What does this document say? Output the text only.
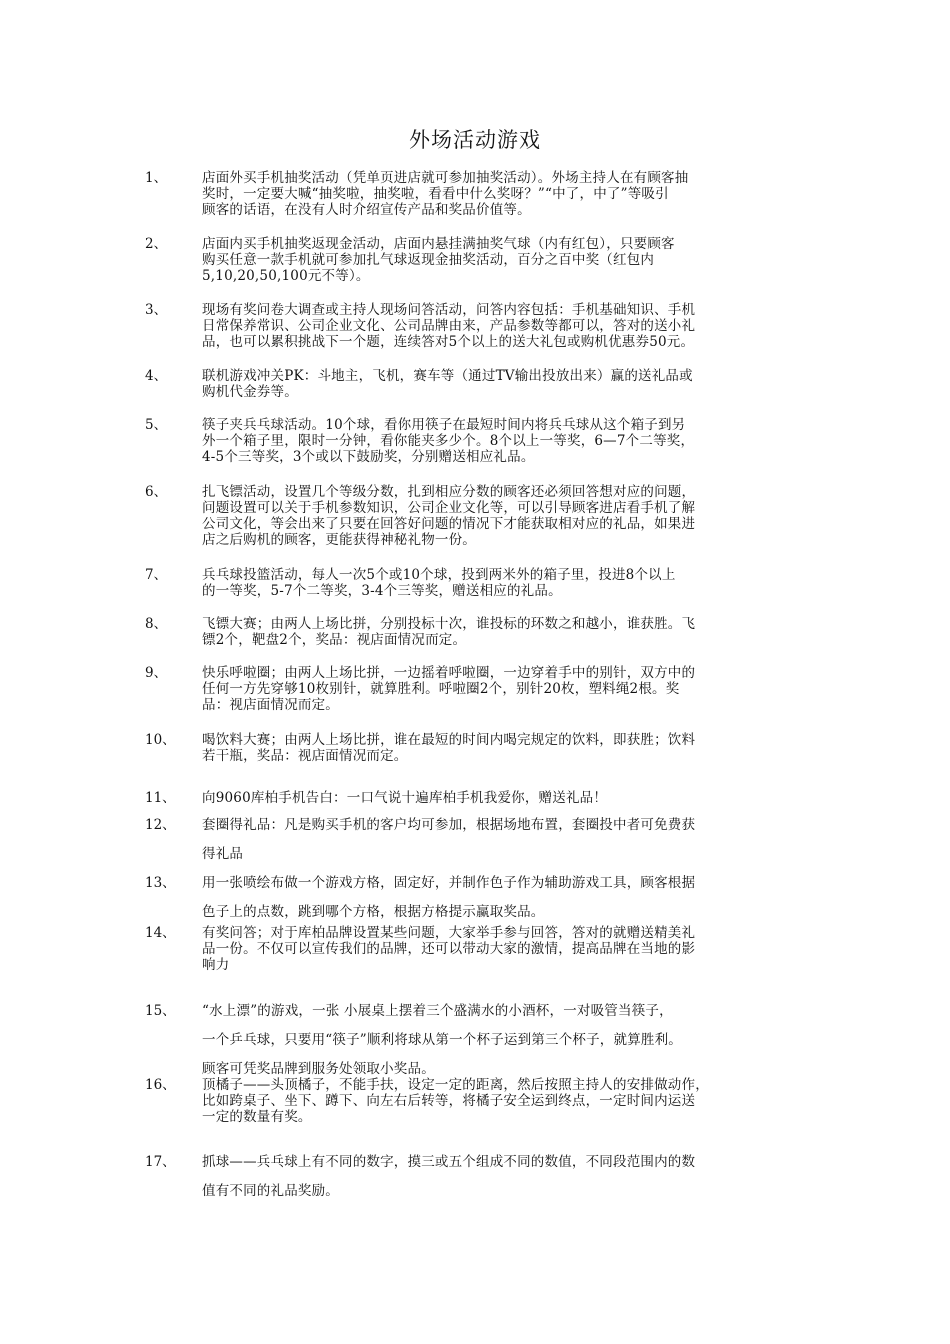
外场活动游戏
1、	店面外买手机抽奖活动（凭单页进店就可参加抽奖活动）。外场主持人在有顾客抽
奖时，一定要大喊“抽奖啦，抽奖啦，看看中什么奖呀？”“中了，中了”等吸引
顾客的话语，在没有人时介绍宣传产品和奖品价值等。
2、	店面内买手机抽奖返现金活动，店面内悬挂满抽奖气球（内有红包），只要顾客
购买任意一款手机就可参加扎气球返现金抽奖活动，百分之百中奖（红包内
5,10,20,50,100元不等）。
3、	现场有奖问卷大调查或主持人现场问答活动，问答内容包括：手机基础知识、手机
日常保养常识、公司企业文化、公司品牌由来，产品参数等都可以，答对的送小礼
品，也可以累积挑战下一个题，连续答对5个以上的送大礼包或购机优惠券50元。
4、	联机游戏冲关PK：斗地主，飞机，赛车等（通过TV输出投放出来）赢的送礼品或
购机代金券等。
5、	筷子夹兵乓球活动。10个球，看你用筷子在最短时间内将兵乓球从这个箱子到另
外一个箱子里，限时一分钟，看你能夹多少个。8个以上一等奖，6—7个二等奖，
4-5个三等奖，3个或以下鼓励奖，分别赠送相应礼品。
6、	扎飞镖活动，设置几个等级分数，扎到相应分数的顾客还必须回答想对应的问题，
问题设置可以关于手机参数知识，公司企业文化等，可以引导顾客进店看手机了解
公司文化，等会出来了只要在回答好问题的情况下才能获取相对应的礼品，如果进
店之后购机的顾客，更能获得神秘礼物一份。
7、	兵乓球投篮活动，每人一次5个或10个球，投到两米外的箱子里，投进8个以上
的一等奖，5-7个二等奖，3-4个三等奖，赠送相应的礼品。
8、	飞镖大赛；由两人上场比拼，分别投标十次，谁投标的环数之和越小，谁获胜。飞
镖2个，靶盘2个，奖品：视店面情况而定。
9、	快乐呼啦圈；由两人上场比拼，一边摇着呼啦圈，一边穿着手中的别针，双方中的
任何一方先穿够10枚别针，就算胜利。呼啦圈2个，别针20枚，塑料绳2根。奖
品：视店面情况而定。
10、 喝饮料大赛；由两人上场比拼，谁在最短的时间内喝完规定的饮料，即获胜；饮料
若干瓶，奖品：视店面情况而定。
11、 向9060库柏手机告白：一口气说十遍库柏手机我爱你，赠送礼品！
12、 套圈得礼品：凡是购买手机的客户均可参加，根据场地布置，套圈投中者可免费获
得礼品
13、 用一张喷绘布做一个游戏方格，固定好，并制作色子作为辅助游戏工具，顾客根据
色子上的点数，跳到哪个方格，根据方格提示赢取奖品。
14、 有奖问答；对于库柏品牌设置某些问题，大家举手参与回答，答对的就赠送精美礼
品一份。不仅可以宣传我们的品牌，还可以带动大家的激情，提高品牌在当地的影
响力
15、 “水上漂”的游戏，一张 小展桌上摆着三个盛满水的小酒杯，一对吸管当筷子，
一个乒乓球，只要用“筷子”顺利将球从第一个杯子运到第三个杯子，就算胜利。
顾客可凭奖品牌到服务处领取小奖品。
16、 顶橘子——头顶橘子，不能手扶，设定一定的距离，然后按照主持人的安排做动作，
比如跨桌子、坐下、蹲下、向左右后转等，将橘子安全运到终点，一定时间内运送
一定的数量有奖。
17、 抓球——兵乓球上有不同的数字，摸三或五个组成不同的数值，不同段范围内的数
值有不同的礼品奖励。
